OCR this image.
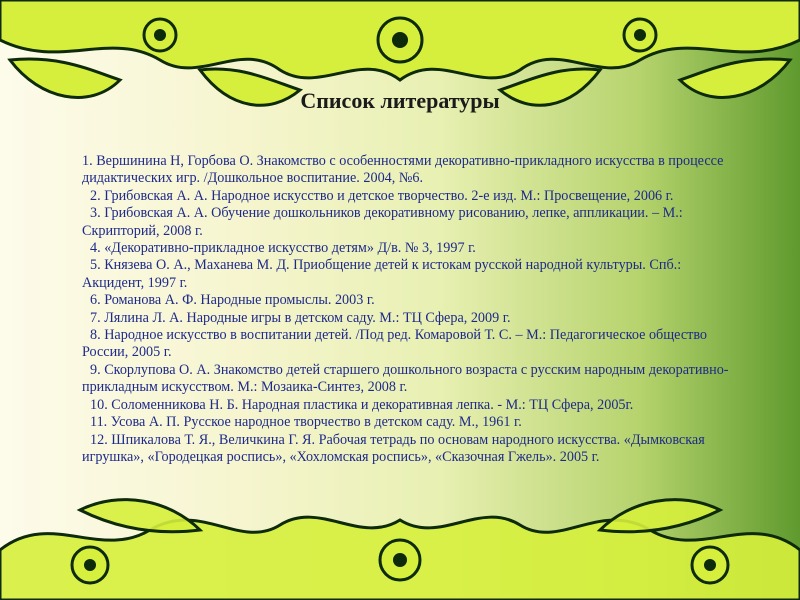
Список литературы

1. Вершинина Н, Горбова О. Знакомство с особенностями декоративно-прикладного искусства в процессе дидактических игр. /Дошкольное воспитание. 2004, №6.

2. Грибовская А. А. Народное искусство и детское творчество. 2-е изд. М.: Просвещение, 2006 г.

3. Грибовская А. А. Обучение дошкольников декоративному рисованию, лепке, аппликации. – М.: Скрипторий, 2008 г.

4. «Декоративно-прикладное искусство детям» Д/в. № 3, 1997 г.

5. Князева О. А., Маханева М. Д. Приобщение детей к истокам русской народной культуры. Спб.: Акцидент, 1997 г.

6. Романова А. Ф. Народные промыслы. 2003 г.

7. Лялина Л. А. Народные игры в детском саду. М.: ТЦ Сфера, 2009 г.

8. Народное искусство в воспитании детей. /Под ред. Комаровой Т. С. – М.: Педагогическое общество России, 2005 г.

9. Скорлупова О. А. Знакомство детей старшего дошкольного возраста с русским народным декоративно-прикладным искусством. М.: Мозаика-Синтез, 2008 г.

10. Соломенникова Н. Б. Народная пластика и декоративная лепка. - М.: ТЦ Сфера, 2005г.

11. Усова А. П. Русское народное творчество в детском саду. М., 1961 г.

12. Шпикалова Т. Я., Величкина Г. Я. Рабочая тетрадь по основам народного искусства. «Дымковская игрушка», «Городецкая роспись», «Хохломская роспись», «Сказочная Гжель». 2005 г.
